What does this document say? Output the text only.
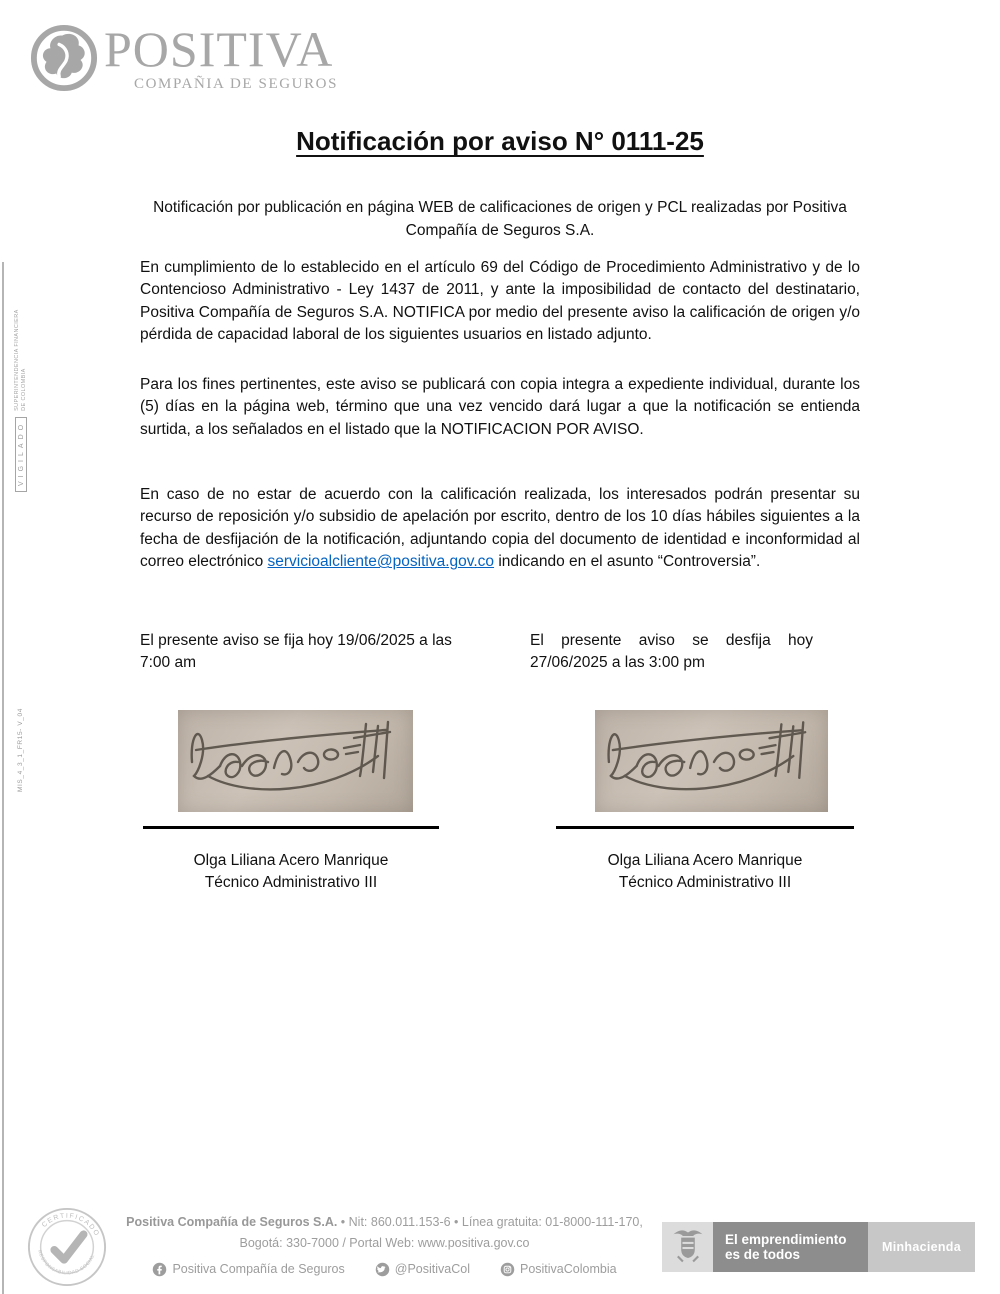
VIGILADO
SUPERINTENDENCIA FINANCIERA DE COLOMBIA
MIS_4_3_1_FR15- V_04
POSITIVA
COMPAÑIA DE SEGUROS
Notificación por aviso N° 0111-25
Notificación por publicación en página WEB de calificaciones de origen y PCL realizadas por Positiva Compañía de Seguros S.A.
En cumplimiento de lo establecido en el artículo 69 del Código de Procedimiento Administrativo y de lo Contencioso Administrativo - Ley 1437 de 2011, y ante la imposibilidad de contacto del destinatario, Positiva Compañía de Seguros S.A. NOTIFICA por medio del presente aviso la calificación de origen y/o pérdida de capacidad laboral de los siguientes usuarios en listado adjunto.
Para los fines pertinentes, este aviso se publicará con copia integra a expediente individual, durante los (5) días en la página web, término que una vez vencido dará lugar a que la notificación se entienda surtida, a los señalados en el listado que la NOTIFICACION POR AVISO.
En caso de no estar de acuerdo con la calificación realizada, los interesados podrán presentar su recurso de reposición y/o subsidio de apelación por escrito, dentro de los 10 días hábiles siguientes a la fecha de desfijación de la notificación, adjuntando copia del documento de identidad e inconformidad al correo electrónico servicioalcliente@positiva.gov.co indicando en el asunto “Controversia”.
El presente aviso se fija hoy 19/06/2025 a las 7:00 am
El presente aviso se desfija hoy
27/06/2025 a las 3:00 pm
Olga Liliana Acero Manrique
Técnico Administrativo III
Olga Liliana Acero Manrique
Técnico Administrativo III
CERTIFICADO
RESPONSABILIDAD SOCIAL
Positiva Compañía de Seguros S.A. • Nit: 860.011.153-6 • Línea gratuita: 01-8000-111-170,
Bogotá: 330-7000 / Portal Web: www.positiva.gov.co
Positiva Compañía de Seguros	@PositivaCol	PositivaColombia
El emprendimiento
es de todos	Minhacienda
